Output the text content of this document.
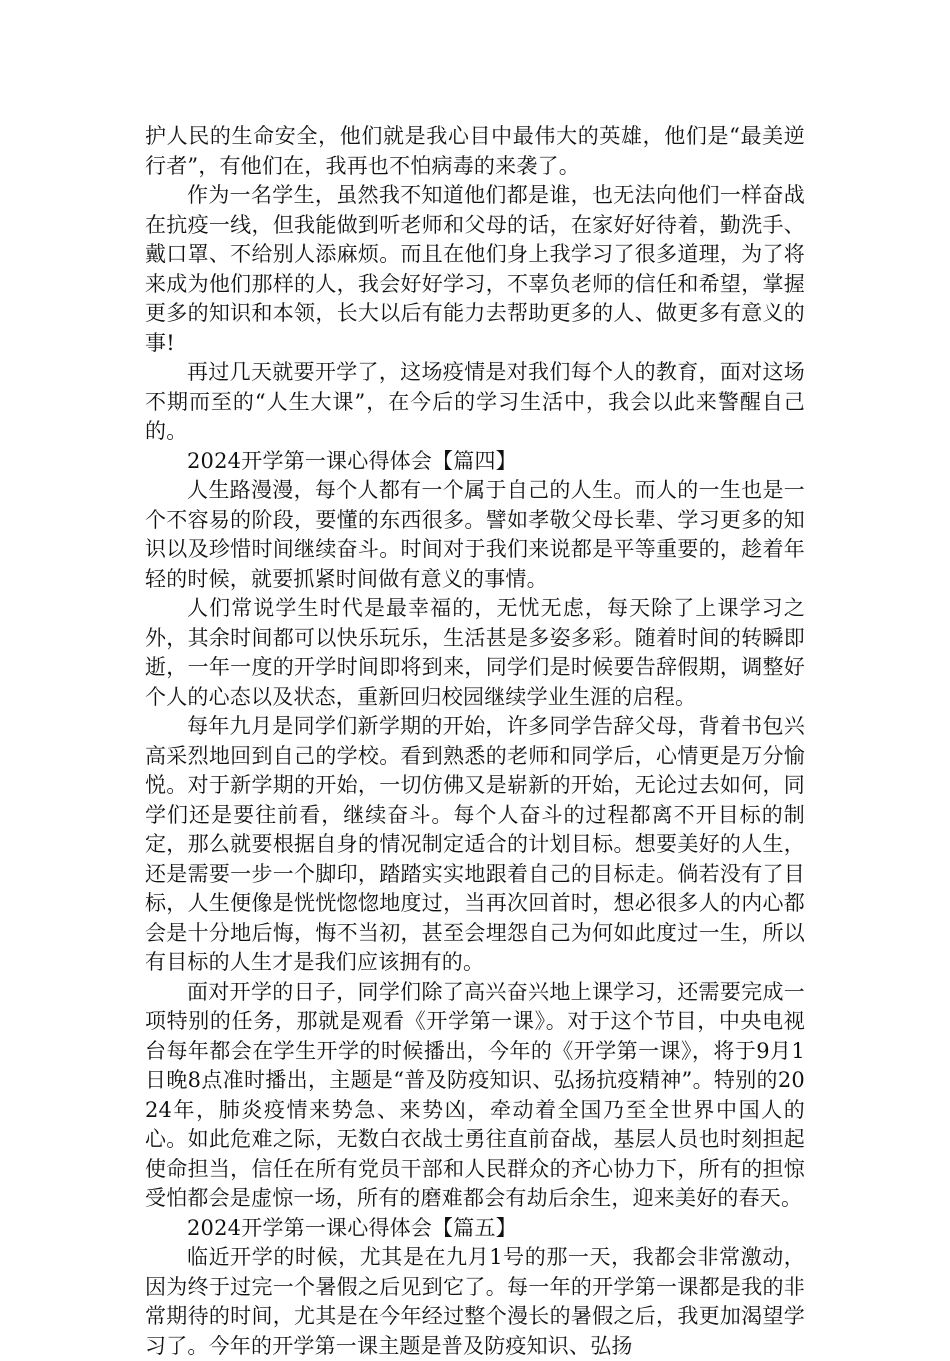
护人民的生命安全，他们就是我心目中最伟大的英雄，他们是“最美逆行者”，有他们在，我再也不怕病毒的来袭了。

作为一名学生，虽然我不知道他们都是谁，也无法向他们一样奋战在抗疫一线，但我能做到听老师和父母的话，在家好好待着，勤洗手、戴口罩、不给别人添麻烦。而且在他们身上我学习了很多道理，为了将来成为他们那样的人，我会好好学习，不辜负老师的信任和希望，掌握更多的知识和本领，长大以后有能力去帮助更多的人、做更多有意义的事!

再过几天就要开学了，这场疫情是对我们每个人的教育，面对这场不期而至的“人生大课”，在今后的学习生活中，我会以此来警醒自己的。

2024开学第一课心得体会【篇四】

人生路漫漫，每个人都有一个属于自己的人生。而人的一生也是一个不容易的阶段，要懂的东西很多。譬如孝敬父母长辈、学习更多的知识以及珍惜时间继续奋斗。时间对于我们来说都是平等重要的，趁着年轻的时候，就要抓紧时间做有意义的事情。

人们常说学生时代是最幸福的，无忧无虑，每天除了上课学习之外，其余时间都可以快乐玩乐，生活甚是多姿多彩。随着时间的转瞬即逝，一年一度的开学时间即将到来，同学们是时候要告辞假期，调整好个人的心态以及状态，重新回归校园继续学业生涯的启程。

每年九月是同学们新学期的开始，许多同学告辞父母，背着书包兴高采烈地回到自己的学校。看到熟悉的老师和同学后，心情更是万分愉悦。对于新学期的开始，一切仿佛又是崭新的开始，无论过去如何，同学们还是要往前看，继续奋斗。每个人奋斗的过程都离不开目标的制定，那么就要根据自身的情况制定适合的计划目标。想要美好的人生，还是需要一步一个脚印，踏踏实实地跟着自己的目标走。倘若没有了目标，人生便像是恍恍惚惚地度过，当再次回首时，想必很多人的内心都会是十分地后悔，悔不当初，甚至会埋怨自己为何如此度过一生，所以有目标的人生才是我们应该拥有的。

面对开学的日子，同学们除了高兴奋兴地上课学习，还需要完成一项特别的任务，那就是观看《开学第一课》。对于这个节目，中央电视台每年都会在学生开学的时候播出，今年的《开学第一课》，将于9月1日晚8点准时播出，主题是“普及防疫知识、弘扬抗疫精神”。特别的2024年，肺炎疫情来势急、来势凶，牵动着全国乃至全世界中国人的心。如此危难之际，无数白衣战士勇往直前奋战，基层人员也时刻担起使命担当，信任在所有党员干部和人民群众的齐心协力下，所有的担惊受怕都会是虚惊一场，所有的磨难都会有劫后余生，迎来美好的春天。

2024开学第一课心得体会【篇五】

临近开学的时候，尤其是在九月1号的那一天，我都会非常激动，因为终于过完一个暑假之后见到它了。每一年的开学第一课都是我的非常期待的时间，尤其是在今年经过整个漫长的暑假之后，我更加渴望学习了。今年的开学第一课主题是普及防疫知识、弘扬
